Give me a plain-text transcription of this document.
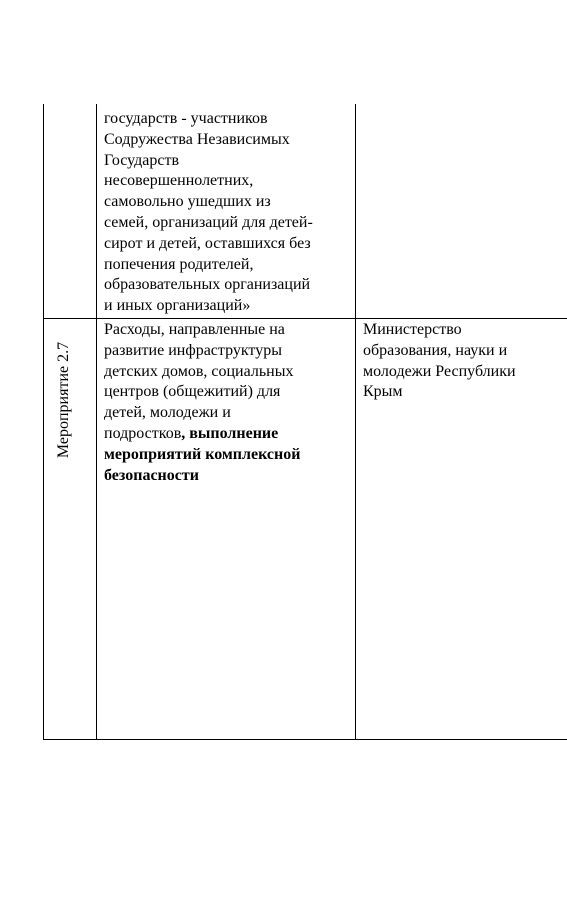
государств - участников
Содружества Независимых
Государств
несовершеннолетних,
самовольно ушедших из
семей, организаций для детей-
сирот и детей, оставшихся без
попечения родителей,
образовательных организаций
и иных организаций»
Мероприятие 2.7
Расходы, направленные на
развитие инфраструктуры
детских домов, социальных
центров (общежитий) для
детей, молодежи и
подростков, выполнение
мероприятий комплексной
безопасности
Министерство
образования, науки и
молодежи Республики
Крым
